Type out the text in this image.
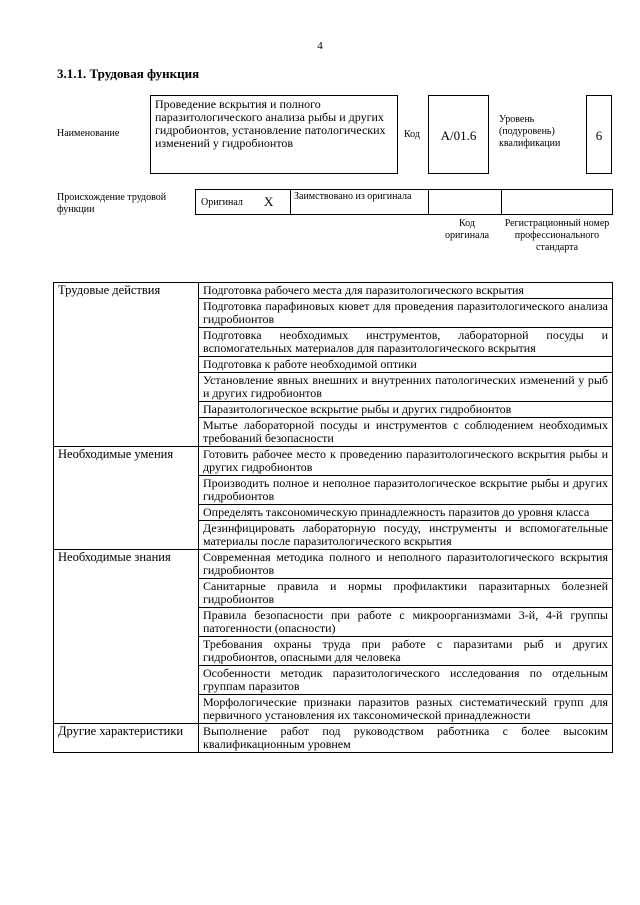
4
3.1.1. Трудовая функция
Наименование
Проведение вскрытия и полного паразитологического анализа рыбы и других гидробионтов, установление патологических изменений у гидробионтов
Код	A/01.6
Уровень (подуровень) квалификации
6
Происхождение трудовой функции
Оригинал X Заимствовано из оригинала
Код оригинала
Регистрационный номер профессионального стандарта
Трудовые действия	Подготовка рабочего места для паразитологического вскрытия
	Подготовка парафиновых кювет для проведения паразитологического анализа гидробионтов
	Подготовка необходимых инструментов, лабораторной посуды и вспомогательных материалов для паразитологического вскрытия
	Подготовка к работе необходимой оптики
	Установление явных внешних и внутренних патологических изменений у рыб и других гидробионтов
	Паразитологическое вскрытие рыбы и других гидробионтов
	Мытье лабораторной посуды и инструментов с соблюдением необходимых требований безопасности
Необходимые умения	Готовить рабочее место к проведению паразитологического вскрытия рыбы и других гидробионтов
	Производить полное и неполное паразитологическое вскрытие рыбы и других гидробионтов
	Определять таксономическую принадлежность паразитов до уровня класса
	Дезинфицировать лабораторную посуду, инструменты и вспомогательные материалы после паразитологического вскрытия
Необходимые знания	Современная методика полного и неполного паразитологического вскрытия гидробионтов
	Санитарные правила и нормы профилактики паразитарных болезней гидробионтов
	Правила безопасности при работе с микроорганизмами 3-й, 4-й группы патогенности (опасности)
	Требования охраны труда при работе с паразитами рыб и других гидробионтов, опасными для человека
	Особенности методик паразитологического исследования по отдельным группам паразитов
	Морфологические признаки паразитов разных систематический групп для первичного установления их таксономической принадлежности
Другие характеристики	Выполнение работ под руководством работника с более высоким квалификационным уровнем
